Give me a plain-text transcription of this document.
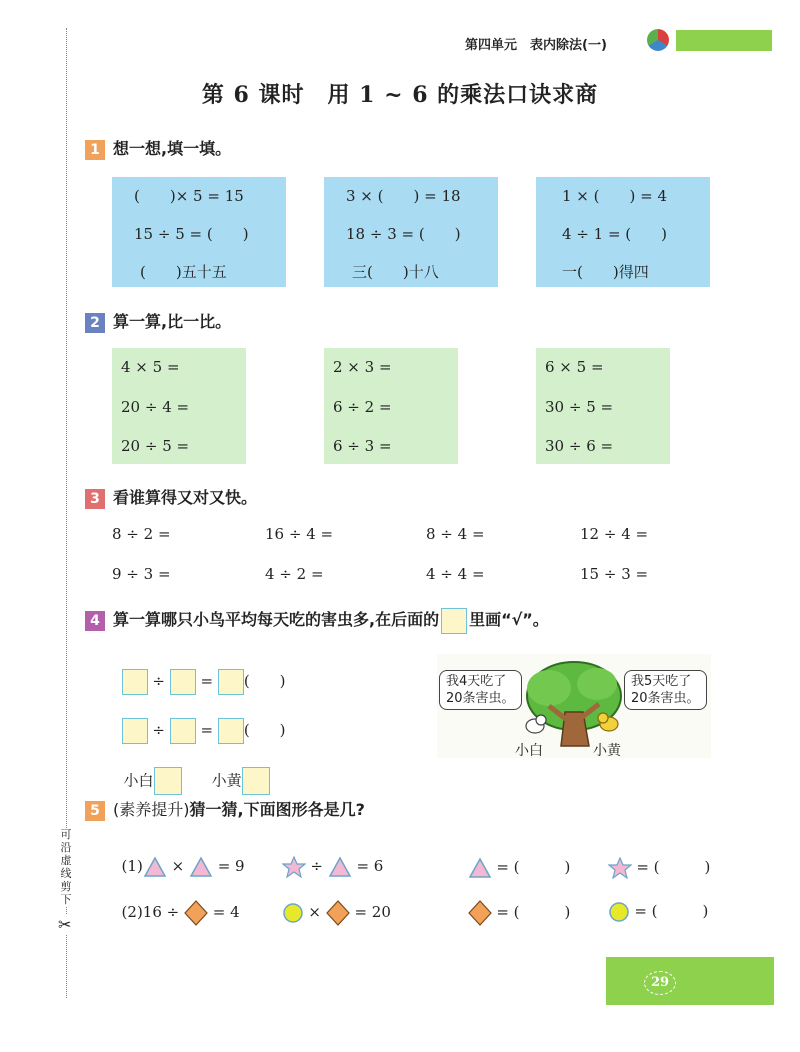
可沿虚线剪下
✂
第四单元　表内除法(一)
第 6 课时　用 1 ~ 6 的乘法口诀求商
1 想一想,填一填。
(　　)× 5 = 15
15 ÷ 5 = (　　)
(　　)五十五
3 × (　　) = 18
18 ÷ 3 = (　　)
三(　　)十八
1 × (　　) = 4
4 ÷ 1 = (　　)
一(　　)得四
2 算一算,比一比。
4 × 5 =
20 ÷ 4 =
20 ÷ 5 =
2 × 3 =
6 ÷ 2 =
6 ÷ 3 =
6 × 5 =
30 ÷ 5 =
30 ÷ 6 =
3 看谁算得又对又快。
8 ÷ 2 =	16 ÷ 4 =	8 ÷ 4 =	12 ÷ 4 =
9 ÷ 3 =	4 ÷ 2 =	4 ÷ 4 =	15 ÷ 3 =
4 算一算哪只小鸟平均每天吃的害虫多,在后面的 里画“√”。

÷ = (　　)

÷ = (　　)

小白　　	小黄

我4天吃了
20条害虫。
我5天吃了
20条害虫。
小白	小黄
5 (素养提升)猜一猜,下面图形各是几?

(1) × = 9	÷ = 6	= (　　　)	= (　　　)

(2)16 ÷ = 4	× = 20	= (　　　)	= (　　　)

29
